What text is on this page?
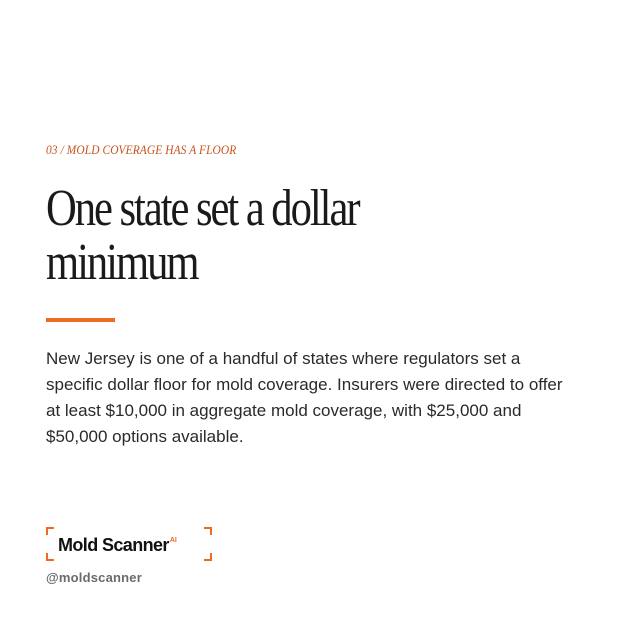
03 / MOLD COVERAGE HAS A FLOOR
One state set a dollar minimum

New Jersey is one of a handful of states where regulators set a specific dollar floor for mold coverage. Insurers were directed to offer at least $10,000 in aggregate mold coverage, with $25,000 and $50,000 options available.

Mold Scanner$^{AI}$
@moldscanner
